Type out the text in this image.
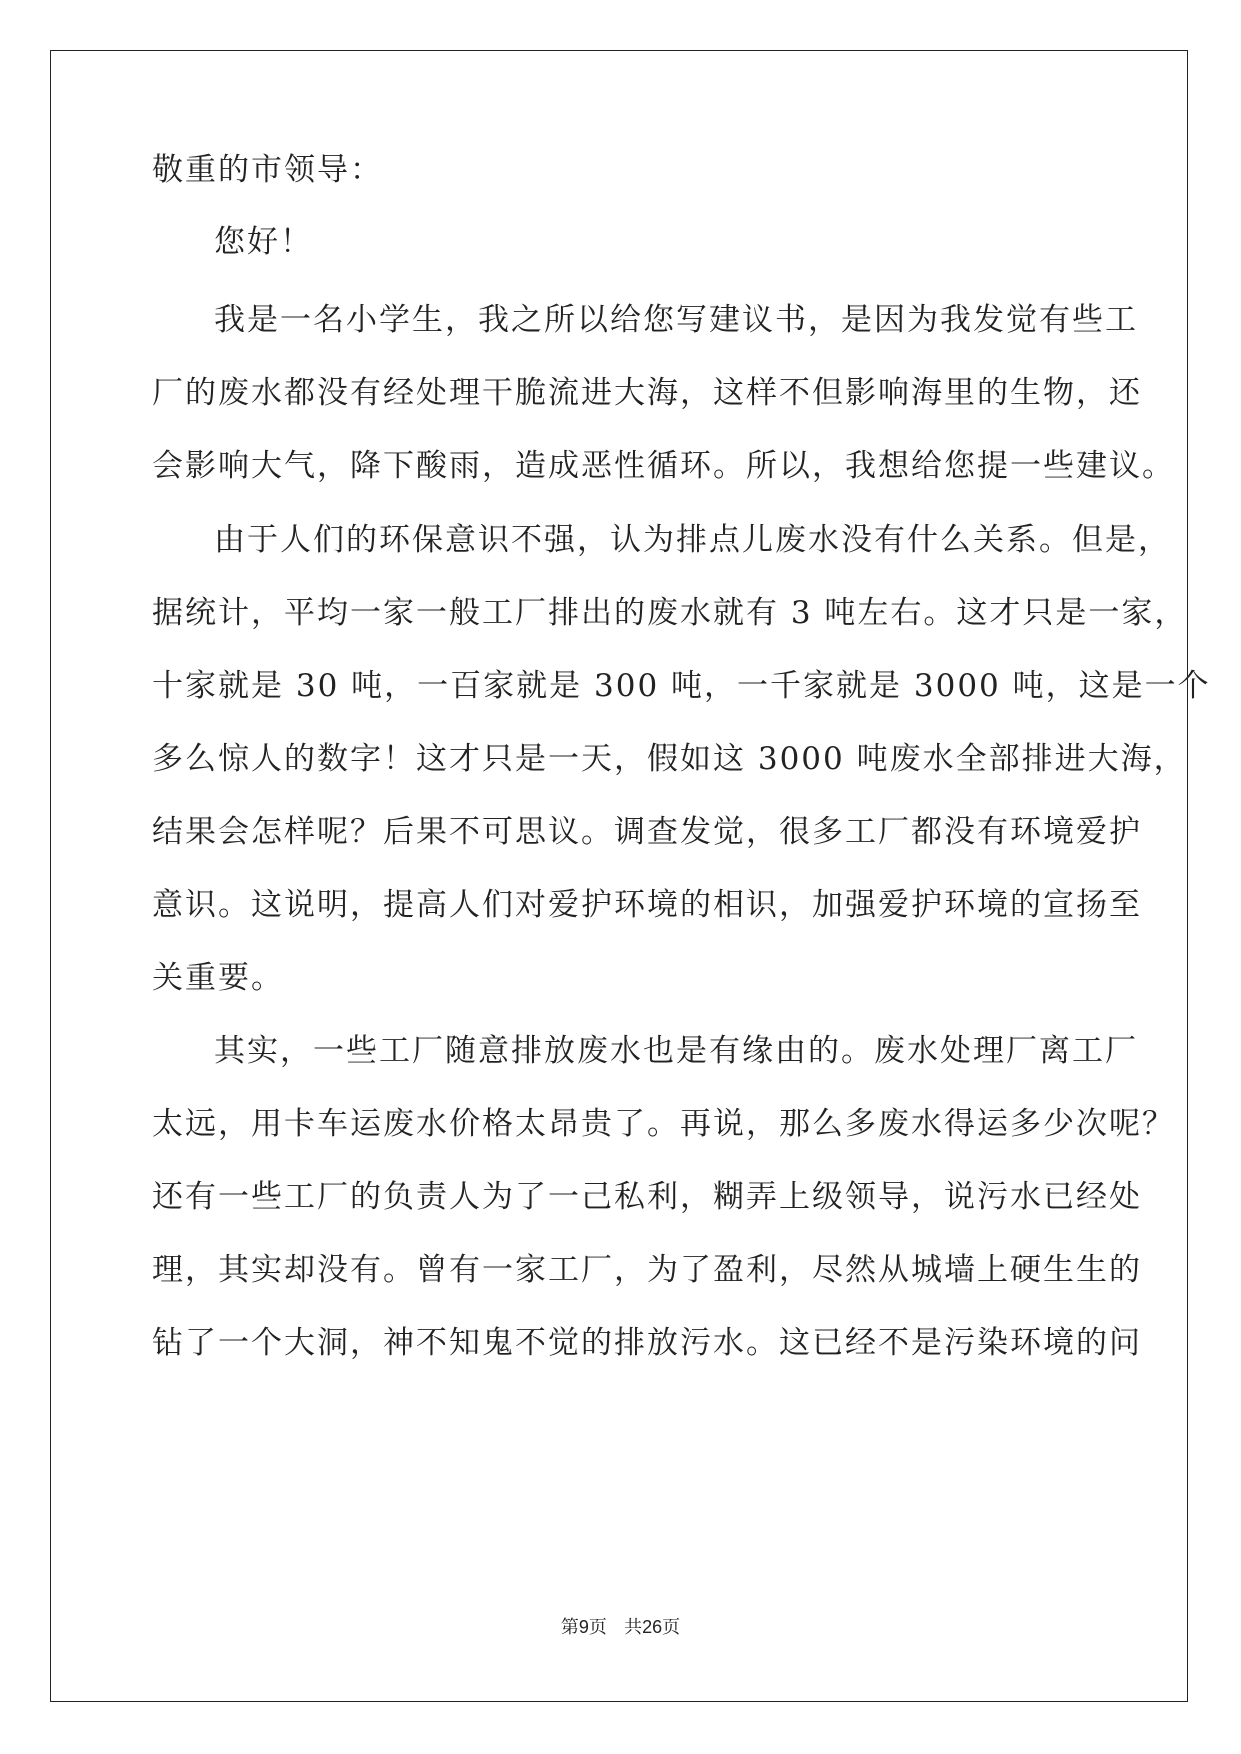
敬重的市领导：
您好！
我是一名小学生，我之所以给您写建议书，是因为我发觉有些工
厂的废水都没有经处理干脆流进大海，这样不但影响海里的生物，还
会影响大气，降下酸雨，造成恶性循环。所以，我想给您提一些建议。
由于人们的环保意识不强，认为排点儿废水没有什么关系。但是，
据统计，平均一家一般工厂排出的废水就有 3 吨左右。这才只是一家，
十家就是 30 吨，一百家就是 300 吨，一千家就是 3000 吨，这是一个
多么惊人的数字！这才只是一天，假如这 3000 吨废水全部排进大海，
结果会怎样呢？后果不可思议。调查发觉，很多工厂都没有环境爱护
意识。这说明，提高人们对爱护环境的相识，加强爱护环境的宣扬至
关重要。
其实，一些工厂随意排放废水也是有缘由的。废水处理厂离工厂
太远，用卡车运废水价格太昂贵了。再说，那么多废水得运多少次呢？
还有一些工厂的负责人为了一己私利，糊弄上级领导，说污水已经处
理，其实却没有。曾有一家工厂，为了盈利，尽然从城墙上硬生生的
钻了一个大洞，神不知鬼不觉的排放污水。这已经不是污染环境的问
第9页 共26页
